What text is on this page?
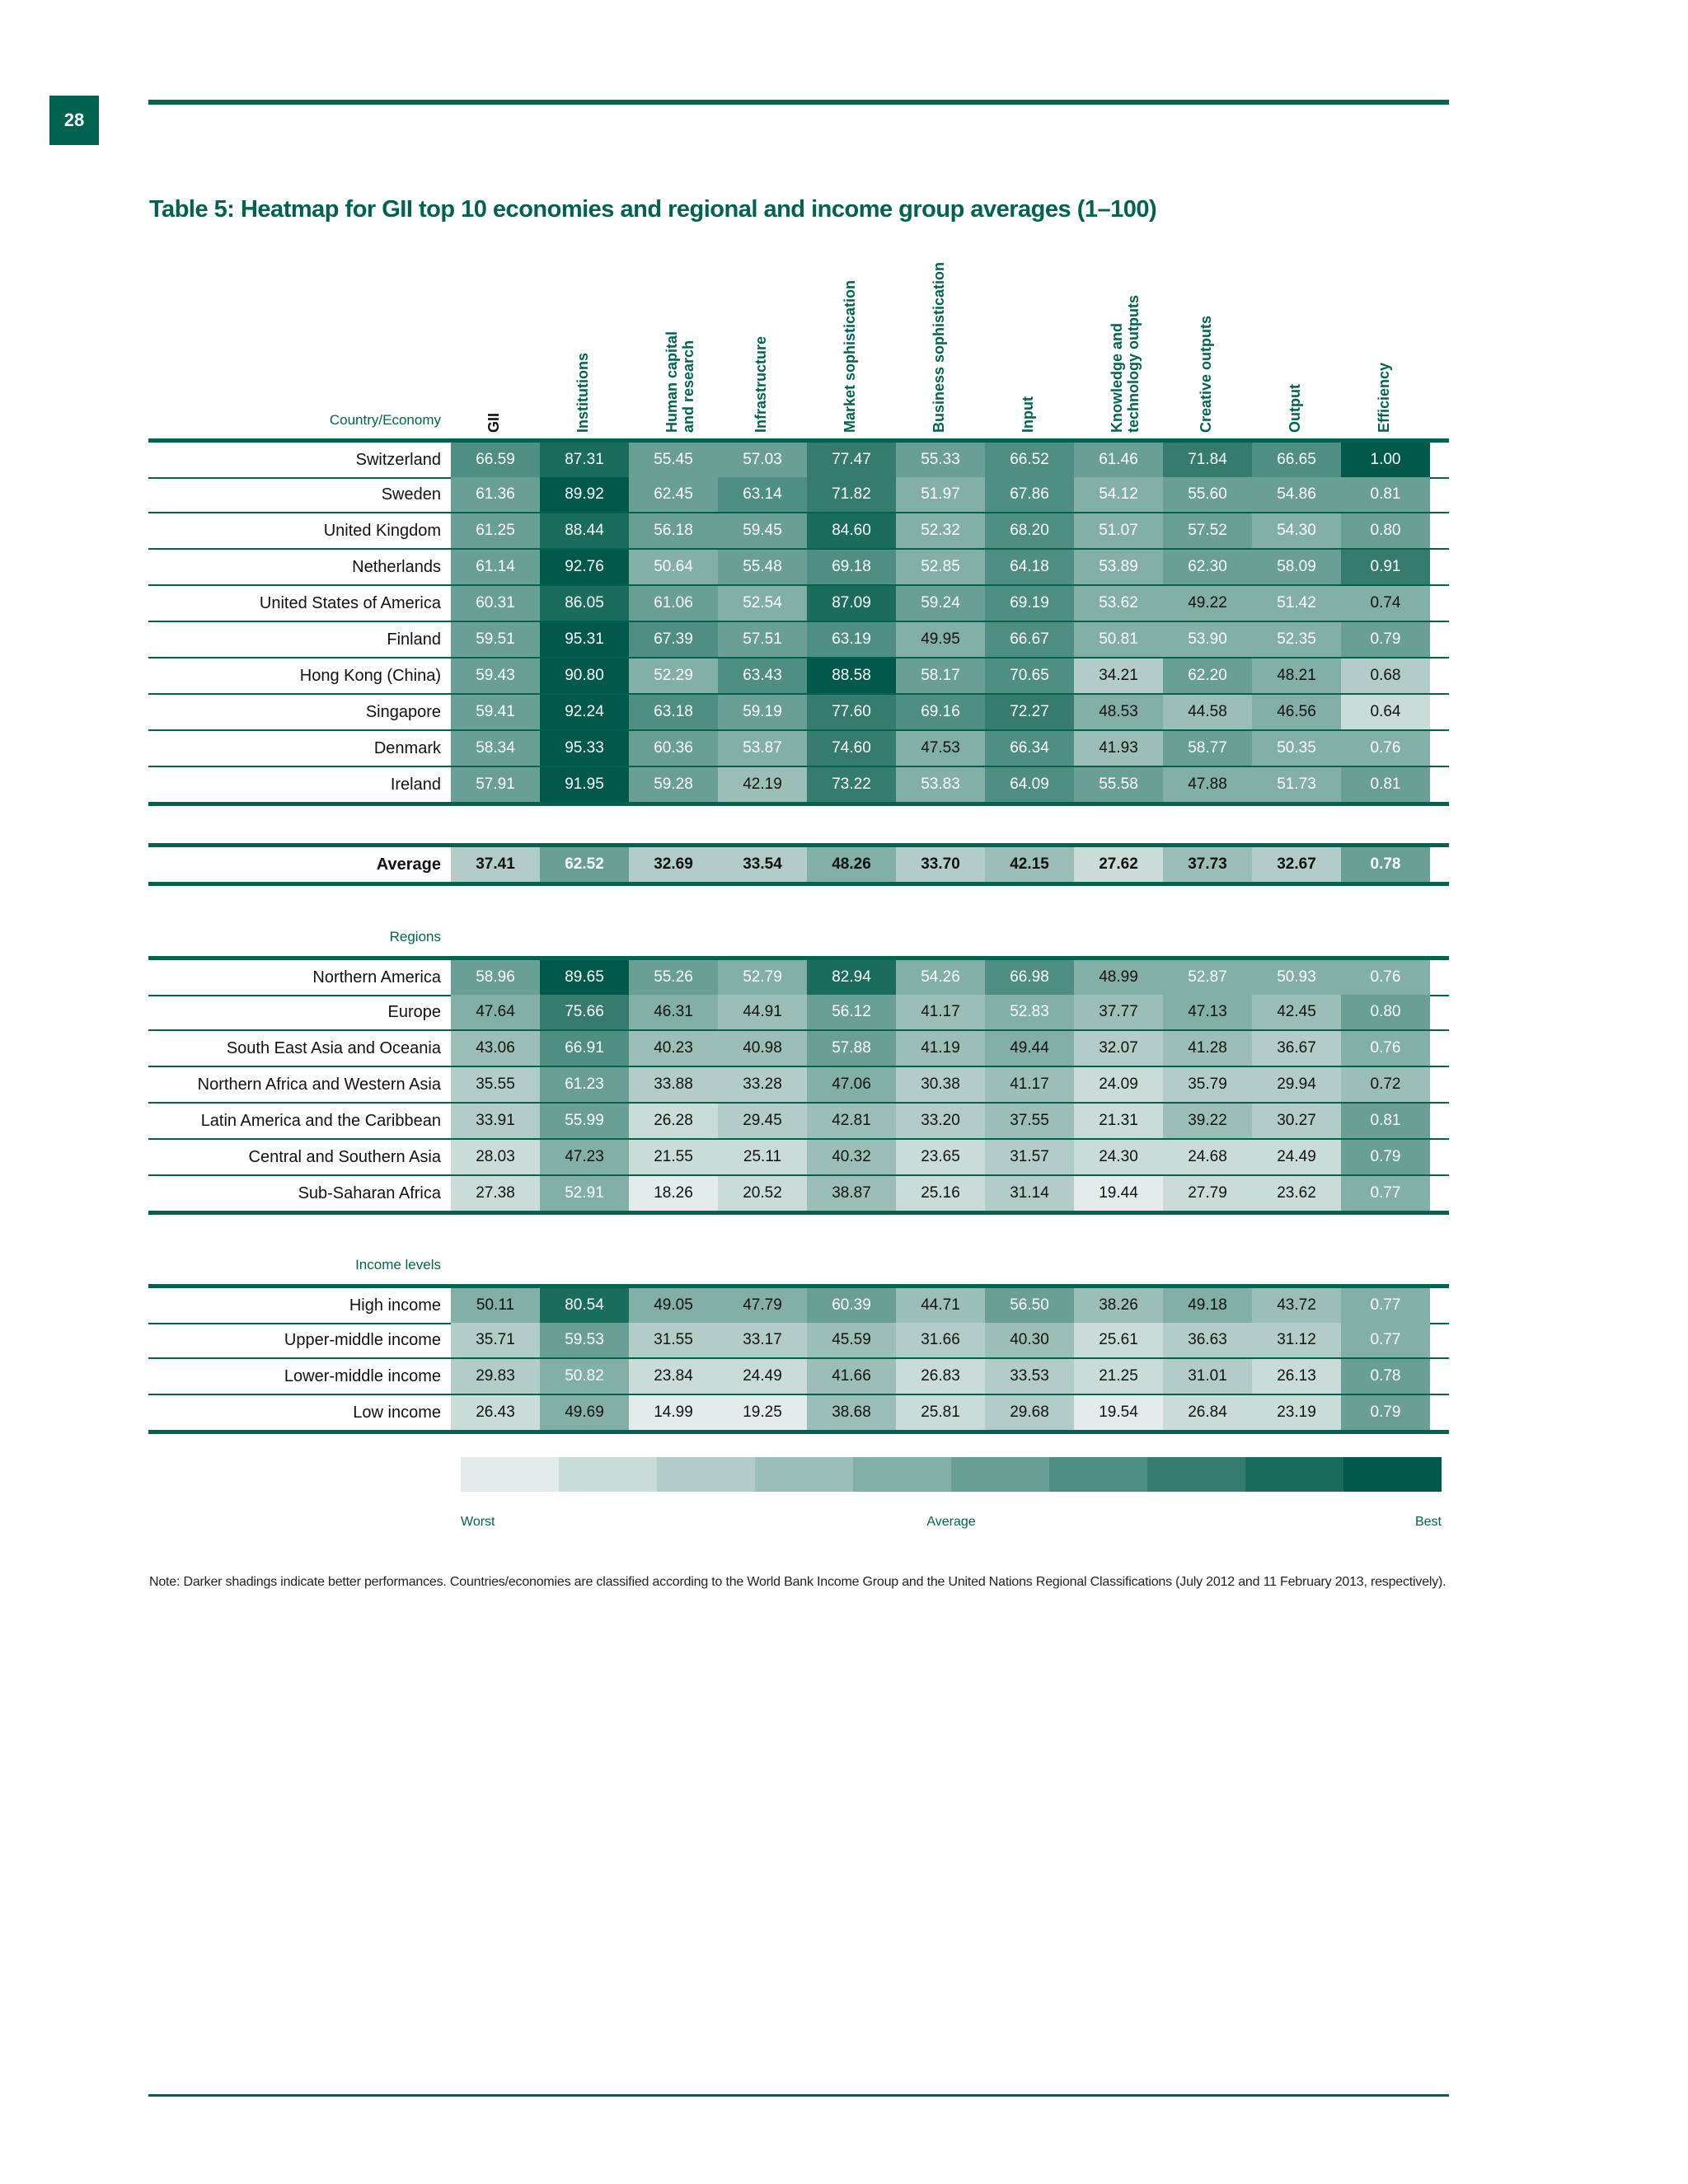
28
Table 5: Heatmap for GII top 10 economies and regional and income group averages (1–100)
Country/Economy	GII	Institutions	Human capital
and research	Infrastructure	Market sophistication	Business sophistication	Input	Knowledge and
technology outputs	Creative outputs	Output	Efficiency
Switzerland	66.59	87.31	55.45	57.03	77.47	55.33	66.52	61.46	71.84	66.65	1.00
Sweden	61.36	89.92	62.45	63.14	71.82	51.97	67.86	54.12	55.60	54.86	0.81
United Kingdom	61.25	88.44	56.18	59.45	84.60	52.32	68.20	51.07	57.52	54.30	0.80
Netherlands	61.14	92.76	50.64	55.48	69.18	52.85	64.18	53.89	62.30	58.09	0.91
United States of America	60.31	86.05	61.06	52.54	87.09	59.24	69.19	53.62	49.22	51.42	0.74
Finland	59.51	95.31	67.39	57.51	63.19	49.95	66.67	50.81	53.90	52.35	0.79
Hong Kong (China)	59.43	90.80	52.29	63.43	88.58	58.17	70.65	34.21	62.20	48.21	0.68
Singapore	59.41	92.24	63.18	59.19	77.60	69.16	72.27	48.53	44.58	46.56	0.64
Denmark	58.34	95.33	60.36	53.87	74.60	47.53	66.34	41.93	58.77	50.35	0.76
Ireland	57.91	91.95	59.28	42.19	73.22	53.83	64.09	55.58	47.88	51.73	0.81
Average	37.41	62.52	32.69	33.54	48.26	33.70	42.15	27.62	37.73	32.67	0.78
Northern America	58.96	89.65	55.26	52.79	82.94	54.26	66.98	48.99	52.87	50.93	0.76
Europe	47.64	75.66	46.31	44.91	56.12	41.17	52.83	37.77	47.13	42.45	0.80
South East Asia and Oceania	43.06	66.91	40.23	40.98	57.88	41.19	49.44	32.07	41.28	36.67	0.76
Northern Africa and Western Asia	35.55	61.23	33.88	33.28	47.06	30.38	41.17	24.09	35.79	29.94	0.72
Latin America and the Caribbean	33.91	55.99	26.28	29.45	42.81	33.20	37.55	21.31	39.22	30.27	0.81
Central and Southern Asia	28.03	47.23	21.55	25.11	40.32	23.65	31.57	24.30	24.68	24.49	0.79
Sub-Saharan Africa	27.38	52.91	18.26	20.52	38.87	25.16	31.14	19.44	27.79	23.62	0.77
High income	50.11	80.54	49.05	47.79	60.39	44.71	56.50	38.26	49.18	43.72	0.77
Upper-middle income	35.71	59.53	31.55	33.17	45.59	31.66	40.30	25.61	36.63	31.12	0.77
Lower-middle income	29.83	50.82	23.84	24.49	41.66	26.83	33.53	21.25	31.01	26.13	0.78
Low income	26.43	49.69	14.99	19.25	38.68	25.81	29.68	19.54	26.84	23.19	0.79
Regions
Income levels
Worst	Average	Best
Note: Darker shadings indicate better performances. Countries/economies are classified according to the World Bank Income Group and the United Nations Regional Classifications (July 2012 and 11 February 2013, respectively).
